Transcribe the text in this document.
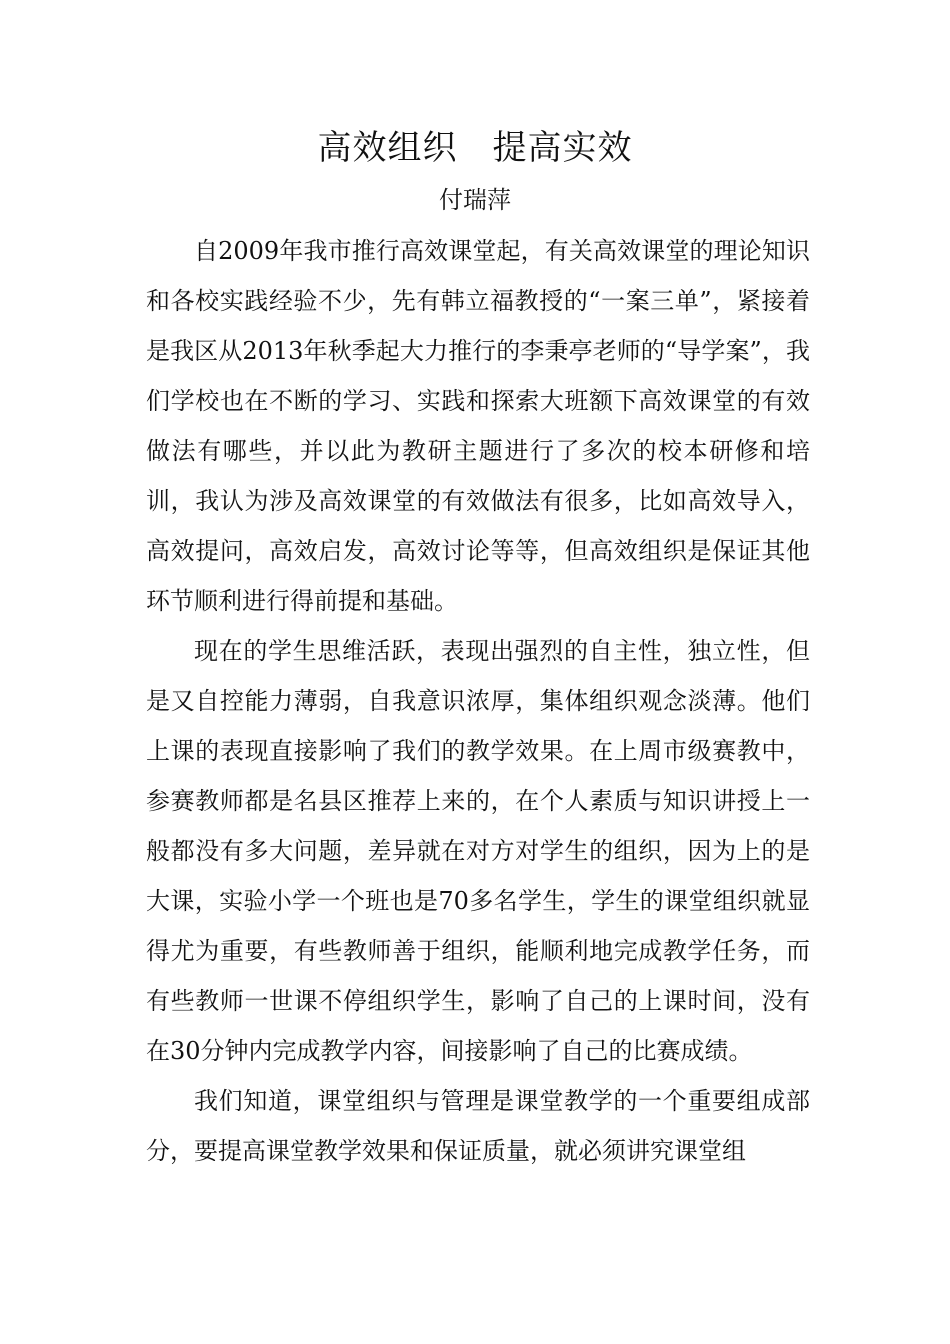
高效组织　提高实效
付瑞萍

自2009年我市推行高效课堂起，有关高效课堂的理论知识和各校实践经验不少，先有韩立福教授的“一案三单”，紧接着是我区从2013年秋季起大力推行的李秉亭老师的“导学案”，我们学校也在不断的学习、实践和探索大班额下高效课堂的有效做法有哪些，并以此为教研主题进行了多次的校本研修和培训，我认为涉及高效课堂的有效做法有很多，比如高效导入，高效提问，高效启发，高效讨论等等，但高效组织是保证其他环节顺利进行得前提和基础。

现在的学生思维活跃，表现出强烈的自主性，独立性，但是又自控能力薄弱，自我意识浓厚，集体组织观念淡薄。他们上课的表现直接影响了我们的教学效果。在上周市级赛教中，参赛教师都是名县区推荐上来的，在个人素质与知识讲授上一般都没有多大问题，差异就在对方对学生的组织，因为上的是大课，实验小学一个班也是70多名学生，学生的课堂组织就显得尤为重要，有些教师善于组织，能顺利地完成教学任务，而有些教师一世课不停组织学生，影响了自己的上课时间，没有在30分钟内完成教学内容，间接影响了自己的比赛成绩。

我们知道，课堂组织与管理是课堂教学的一个重要组成部分，要提高课堂教学效果和保证质量，就必须讲究课堂组
